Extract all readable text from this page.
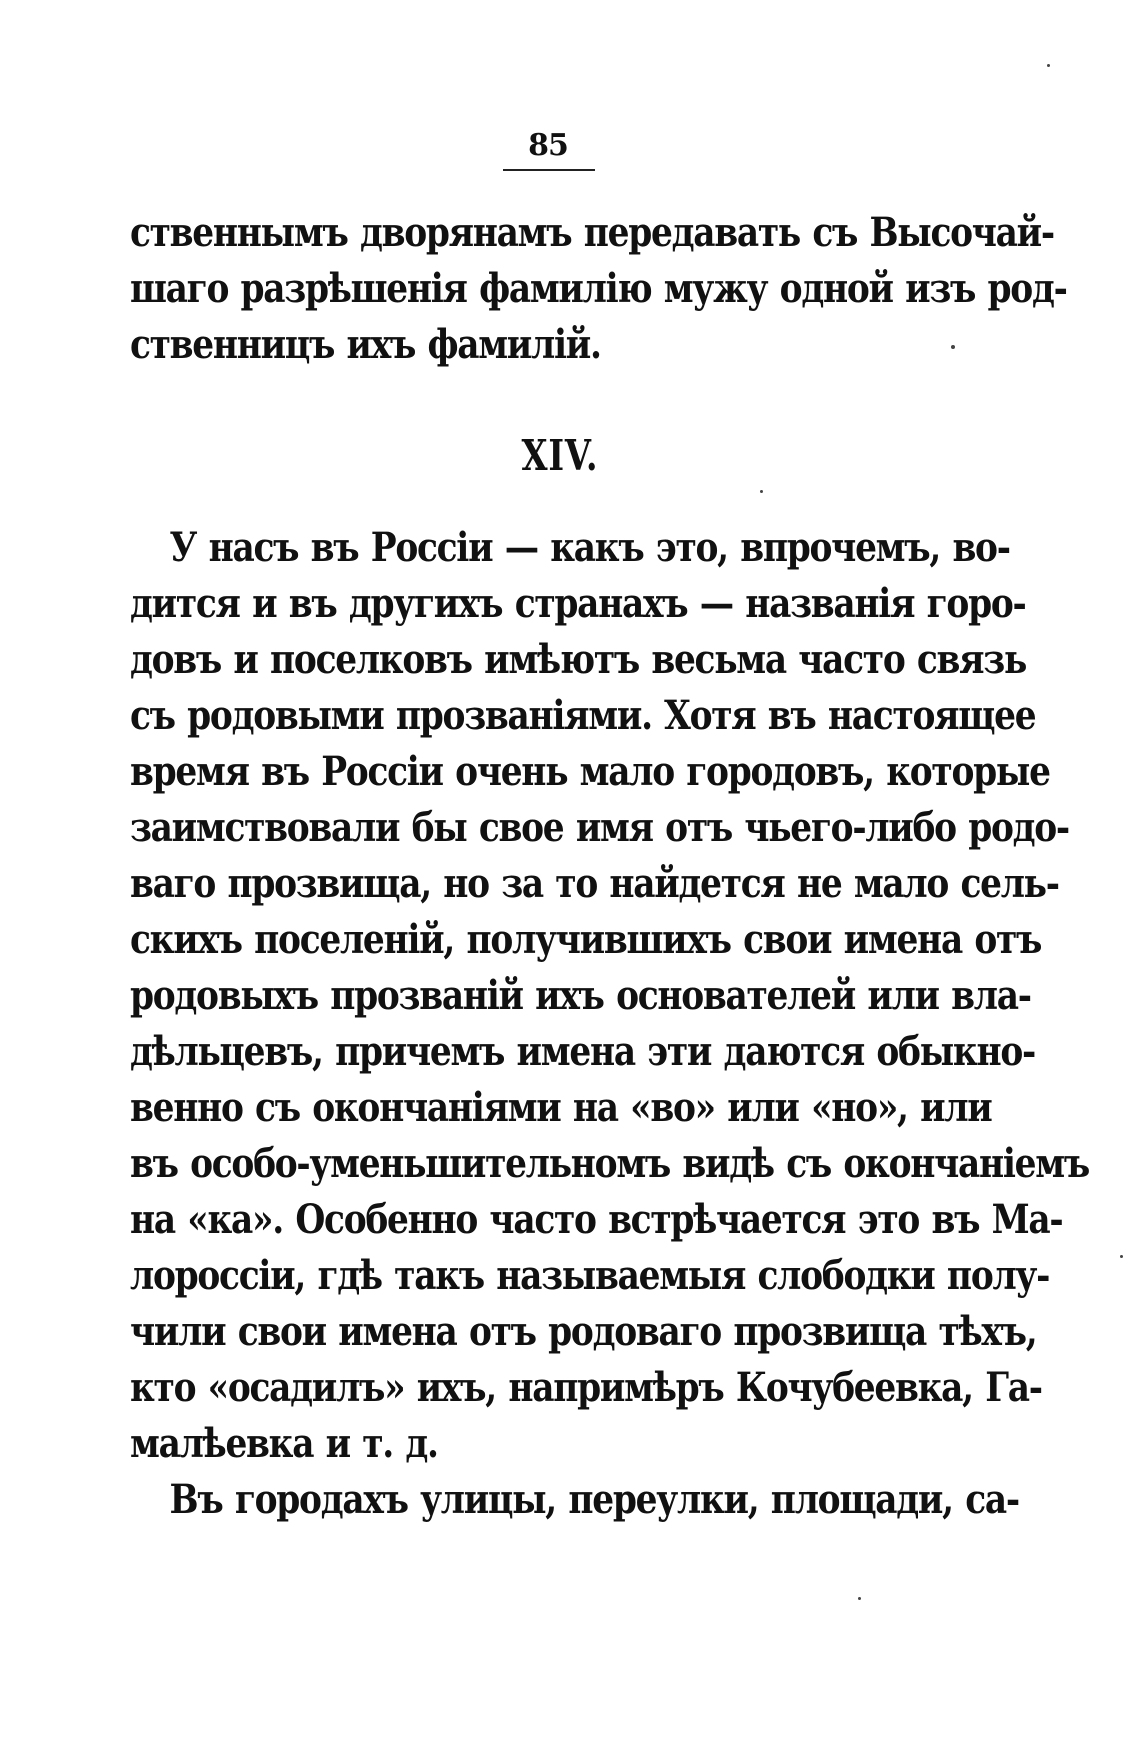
85
ственнымъ дворянамъ передавать съ Высочай-
шаго разрѣшенія фамилію мужу одной изъ род-
ственницъ ихъ фамилій.
XIV.
У насъ въ Россіи — какъ это, впрочемъ, во-
дится и въ другихъ странахъ — названія горо-
довъ и поселковъ имѣютъ весьма часто связь
съ родовыми прозваніями. Хотя въ настоящее
время въ Россіи очень мало городовъ, которые
заимствовали бы свое имя отъ чьего-либо родо-
ваго прозвища, но за то найдется не мало сель-
скихъ поселеній, получившихъ свои имена отъ
родовыхъ прозваній ихъ основателей или вла-
дѣльцевъ, причемъ имена эти даются обыкно-
венно съ окончаніями на «во» или «но», или
въ особо-уменьшительномъ видѣ съ окончаніемъ
на «ка». Особенно часто встрѣчается это въ Ма-
лороссіи, гдѣ такъ называемыя слободки полу-
чили свои имена отъ родоваго прозвища тѣхъ,
кто «осадилъ» ихъ, напримѣръ Кочубеевка, Га-
малѣевка и т. д.
Въ городахъ улицы, переулки, площади, са-
